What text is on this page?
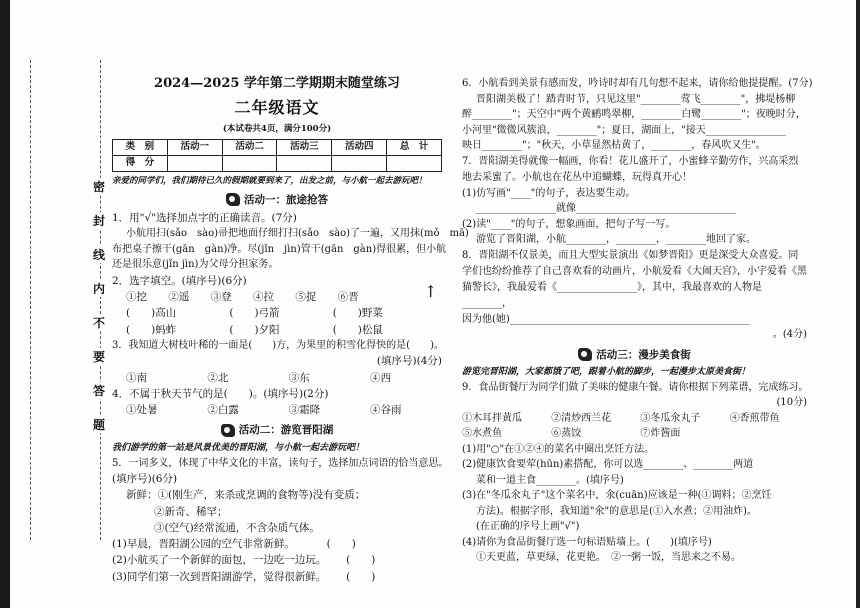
密
封
线
内
不
要
答
题
2024—2025 学年第二学期期末随堂练习
二年级语文
(本试卷共4页，满分100分)
类　别	活动一	活动二	活动三	活动四	总　计
得　分					
亲爱的同学们，我们期待已久的假期就要到来了，出发之前，与小航一起去游玩吧！
活动一：旅途抢答
1．用"√"选择加点字的正确读音。(7分)
小航用扫(sǎo　sào)帚把地面仔细打扫(sǎo　sào)了一遍，又用抹(mǒ　mā)
布把桌子擦干(gān　gàn)净。尽(jǐn　jìn)管干(gān　gàn)得很累，但小航
还是很乐意(jǐn jìn)为父母分担家务。
2．选字填空。(填序号)(6分)
①挖 ②遥 ③登 ④拉 ⑤捉 ⑥晋
(　　)高山	(　　)弓箭	(　　)野菜
(　　)蚂蚱	(　　)夕阳	(　　)松鼠
3．我知道大树枝叶稀的一面是(　　)方，为果里的积雪化得快的是(　　)。
(填序号)(4分)
①南	②北	③东	④西
4．不属于秋天节气的是(　　)。(填序号)(2分)
①处暑	②白露	③霜降	④谷雨
活动二：游览晋阳湖
我们游学的第一站是风景优美的晋阳湖，与小航一起去游玩吧！
5．一词多义，体现了中华文化的丰富，读句子，选择加点词语的恰当意思。
(填序号)(6分)
新鲜：①(刚生产，来杀或烹调的食物等)没有变质；
②新奇、稀罕；
③(空气)经常流通，不含杂质气体。
(1)早晨，晋阳湖公园的空气非常新鲜。	(　　)
(2)小航买了一个新鲜的面包，一边吃一边玩。 (　　)
(3)同学们第一次到晋阳湖游学，觉得很新鲜。 (　　)
↑
6．小航看到美景有感而发，吟诗时却有几句想不起来，请你给他提提醒。(7分)
晋阳湖美极了！踏青时节，只见这里"________莺飞________"，拂堤杨柳
醉________"；天空中"两个黄鹂鸣翠柳，________白鹭________"；夜晚时分，
小河里"微微风簇浪，________"；夏日，湖面上，"接天________________
映日________"；"秋天，小草显然枯黄了，________，春风吹又生"。
7．晋阳湖美得就像一幅画，你看！花儿盛开了，小蜜蜂辛勤劳作，兴高采烈地去采蜜了。小航也在花丛中追蝴蝶，玩得真开心！
(1)仿写画"____"的句子，表达要生动。
________________就像________________________________
(2)读"____"的句子，想象画面，把句子写一写。
游览了晋阳湖，小航________，________，________地回了家。
8．晋阳湖不仅景美，而且大型实景演出《如梦晋阳》更是深受大众喜爱。同学们也纷纷推荐了自己喜欢看的动画片，小航爱看《大闹天宫》，小宇爱看《黑猫警长》，我最爱看《________________》，其中，我最喜欢的人物是________，
因为他(她)________________________________________________
。(4分)
活动三：漫步美食街
游览完晋阳湖，大家都饿了吧，跟着小航的脚步，一起漫步太原美食街！
9．食品街餐厅为同学们做了美味的健康午餐。请你根据下列菜谱，完成练习。
(10分)
①木耳拌黄瓜	②清炒西兰花	③冬瓜氽丸子	④香煎带鱼
⑤水煮鱼	⑥蒸饺	⑦炸酱面
(1)用"○"在①②④的菜名中圈出烹饪方法。
(2)健康饮食要荤(hūn)素搭配，你可以选________、________两道
菜和一道主食________。(填序号)
(3)在"冬瓜氽丸子"这个菜名中，氽(cuān)应该是一种(①调料；②烹饪
方法)。根据字形，我知道"氽"的意思是(①入水煮；②用油炸)。
(在正确的序号上画"√")
(4)请你为食品街餐厅选一句标语贴墙上。(　　)(填序号)
①天更蓝，草更绿，花更艳。　②一粥一饭，当思来之不易。
